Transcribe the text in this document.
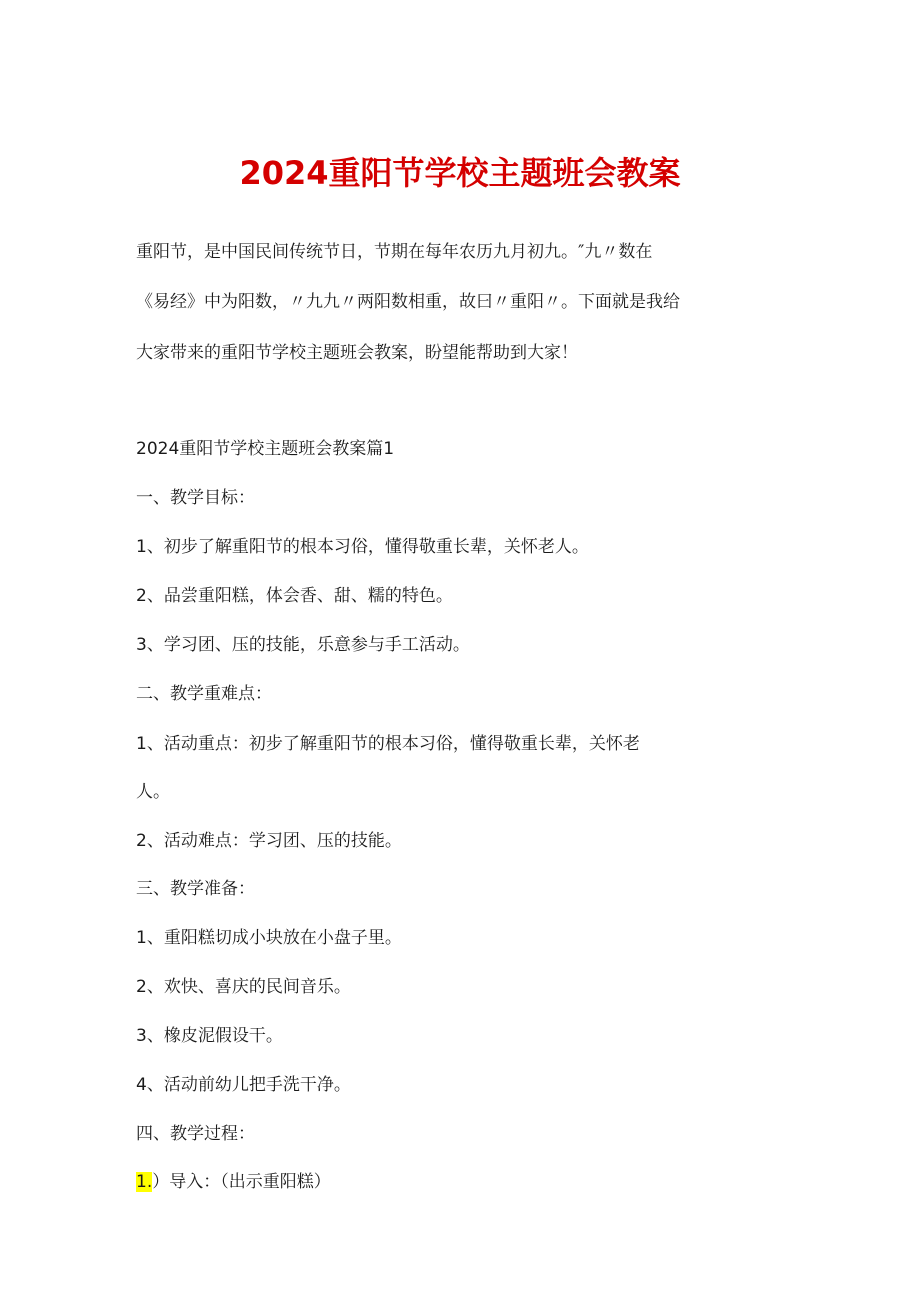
2024重阳节学校主题班会教案
重阳节，是中国民间传统节日，节期在每年农历九月初九。″九〃数在
《易经》中为阳数，〃九九〃两阳数相重，故曰〃重阳〃。下面就是我给
大家带来的重阳节学校主题班会教案，盼望能帮助到大家！
2024重阳节学校主题班会教案篇1
一、教学目标：
1、初步了解重阳节的根本习俗，懂得敬重长辈，关怀老人。
2、品尝重阳糕，体会香、甜、糯的特色。
3、学习团、压的技能，乐意参与手工活动。
二、教学重难点：
1、活动重点：初步了解重阳节的根本习俗，懂得敬重长辈，关怀老
人。
2、活动难点：学习团、压的技能。
三、教学准备：
1、重阳糕切成小块放在小盘子里。
2、欢快、喜庆的民间音乐。
3、橡皮泥假设干。
4、活动前幼儿把手洗干净。
四、教学过程：
1.）导入：（出示重阳糕）
